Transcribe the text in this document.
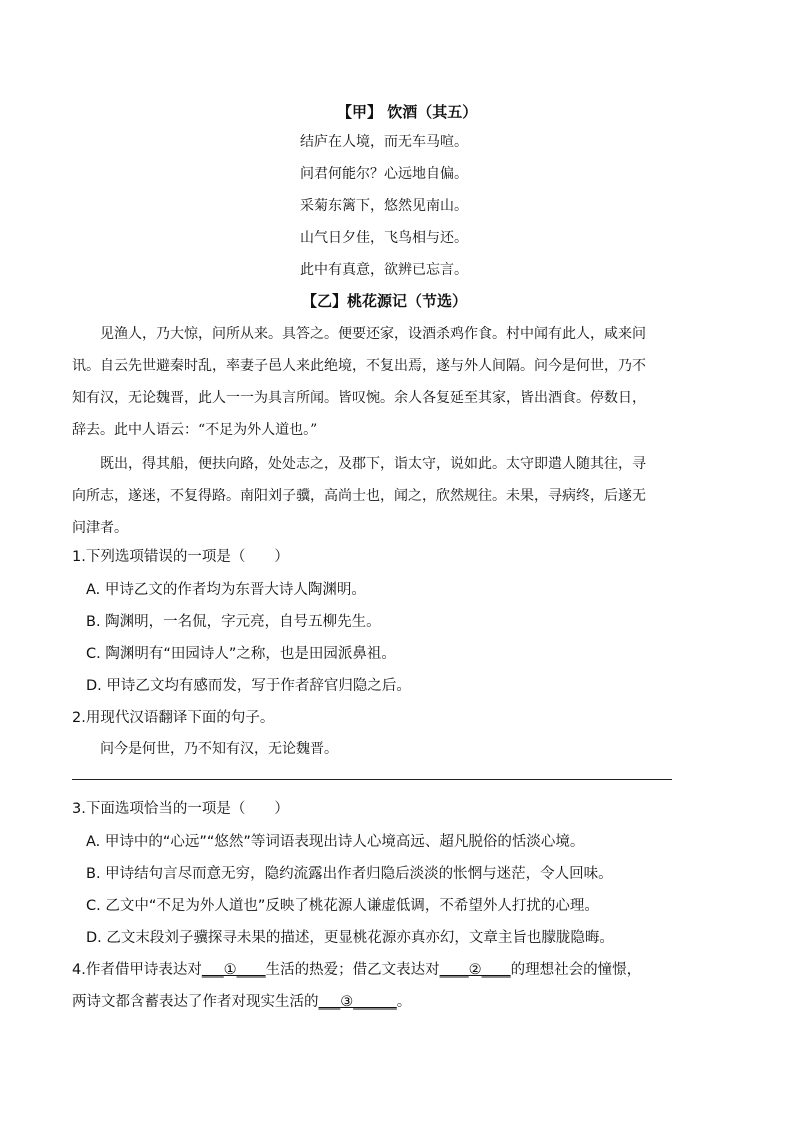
【甲】 饮酒（其五）
结庐在人境，而无车马喧。
问君何能尔？心远地自偏。
采菊东篱下，悠然见南山。
山气日夕佳，飞鸟相与还。
此中有真意，欲辨已忘言。
【乙】桃花源记（节选）
见渔人，乃大惊，问所从来。具答之。便要还家，设酒杀鸡作食。村中闻有此人，咸来问
讯。自云先世避秦时乱，率妻子邑人来此绝境，不复出焉，遂与外人间隔。问今是何世，乃不
知有汉，无论魏晋，此人一一为具言所闻。皆叹惋。余人各复延至其家，皆出酒食。停数日，
辞去。此中人语云：“不足为外人道也。”
既出，得其船，便扶向路，处处志之，及郡下，诣太守，说如此。太守即遣人随其往，寻
向所志，遂迷，不复得路。南阳刘子骥，高尚士也，闻之，欣然规往。未果，寻病终，后遂无
问津者。
1.下列选项错误的一项是（　　）
A. 甲诗乙文的作者均为东晋大诗人陶渊明。
B. 陶渊明，一名侃，字元亮，自号五柳先生。
C. 陶渊明有“田园诗人”之称，也是田园派鼻祖。
D. 甲诗乙文均有感而发，写于作者辞官归隐之后。
2.用现代汉语翻译下面的句子。
问今是何世，乃不知有汉，无论魏晋。
3.下面选项恰当的一项是（　　）
A. 甲诗中的“心远”“悠然”等词语表现出诗人心境高远、超凡脱俗的恬淡心境。
B. 甲诗结句言尽而意无穷，隐约流露出作者归隐后淡淡的怅惘与迷茫，令人回味。
C. 乙文中“不足为外人道也”反映了桃花源人谦虚低调，不希望外人打扰的心理。
D. 乙文末段刘子骥探寻未果的描述，更显桃花源亦真亦幻，文章主旨也朦胧隐晦。
4.作者借甲诗表达对___①____生活的热爱；借乙文表达对____②____的理想社会的憧憬，
两诗文都含蓄表达了作者对现实生活的___③______。
